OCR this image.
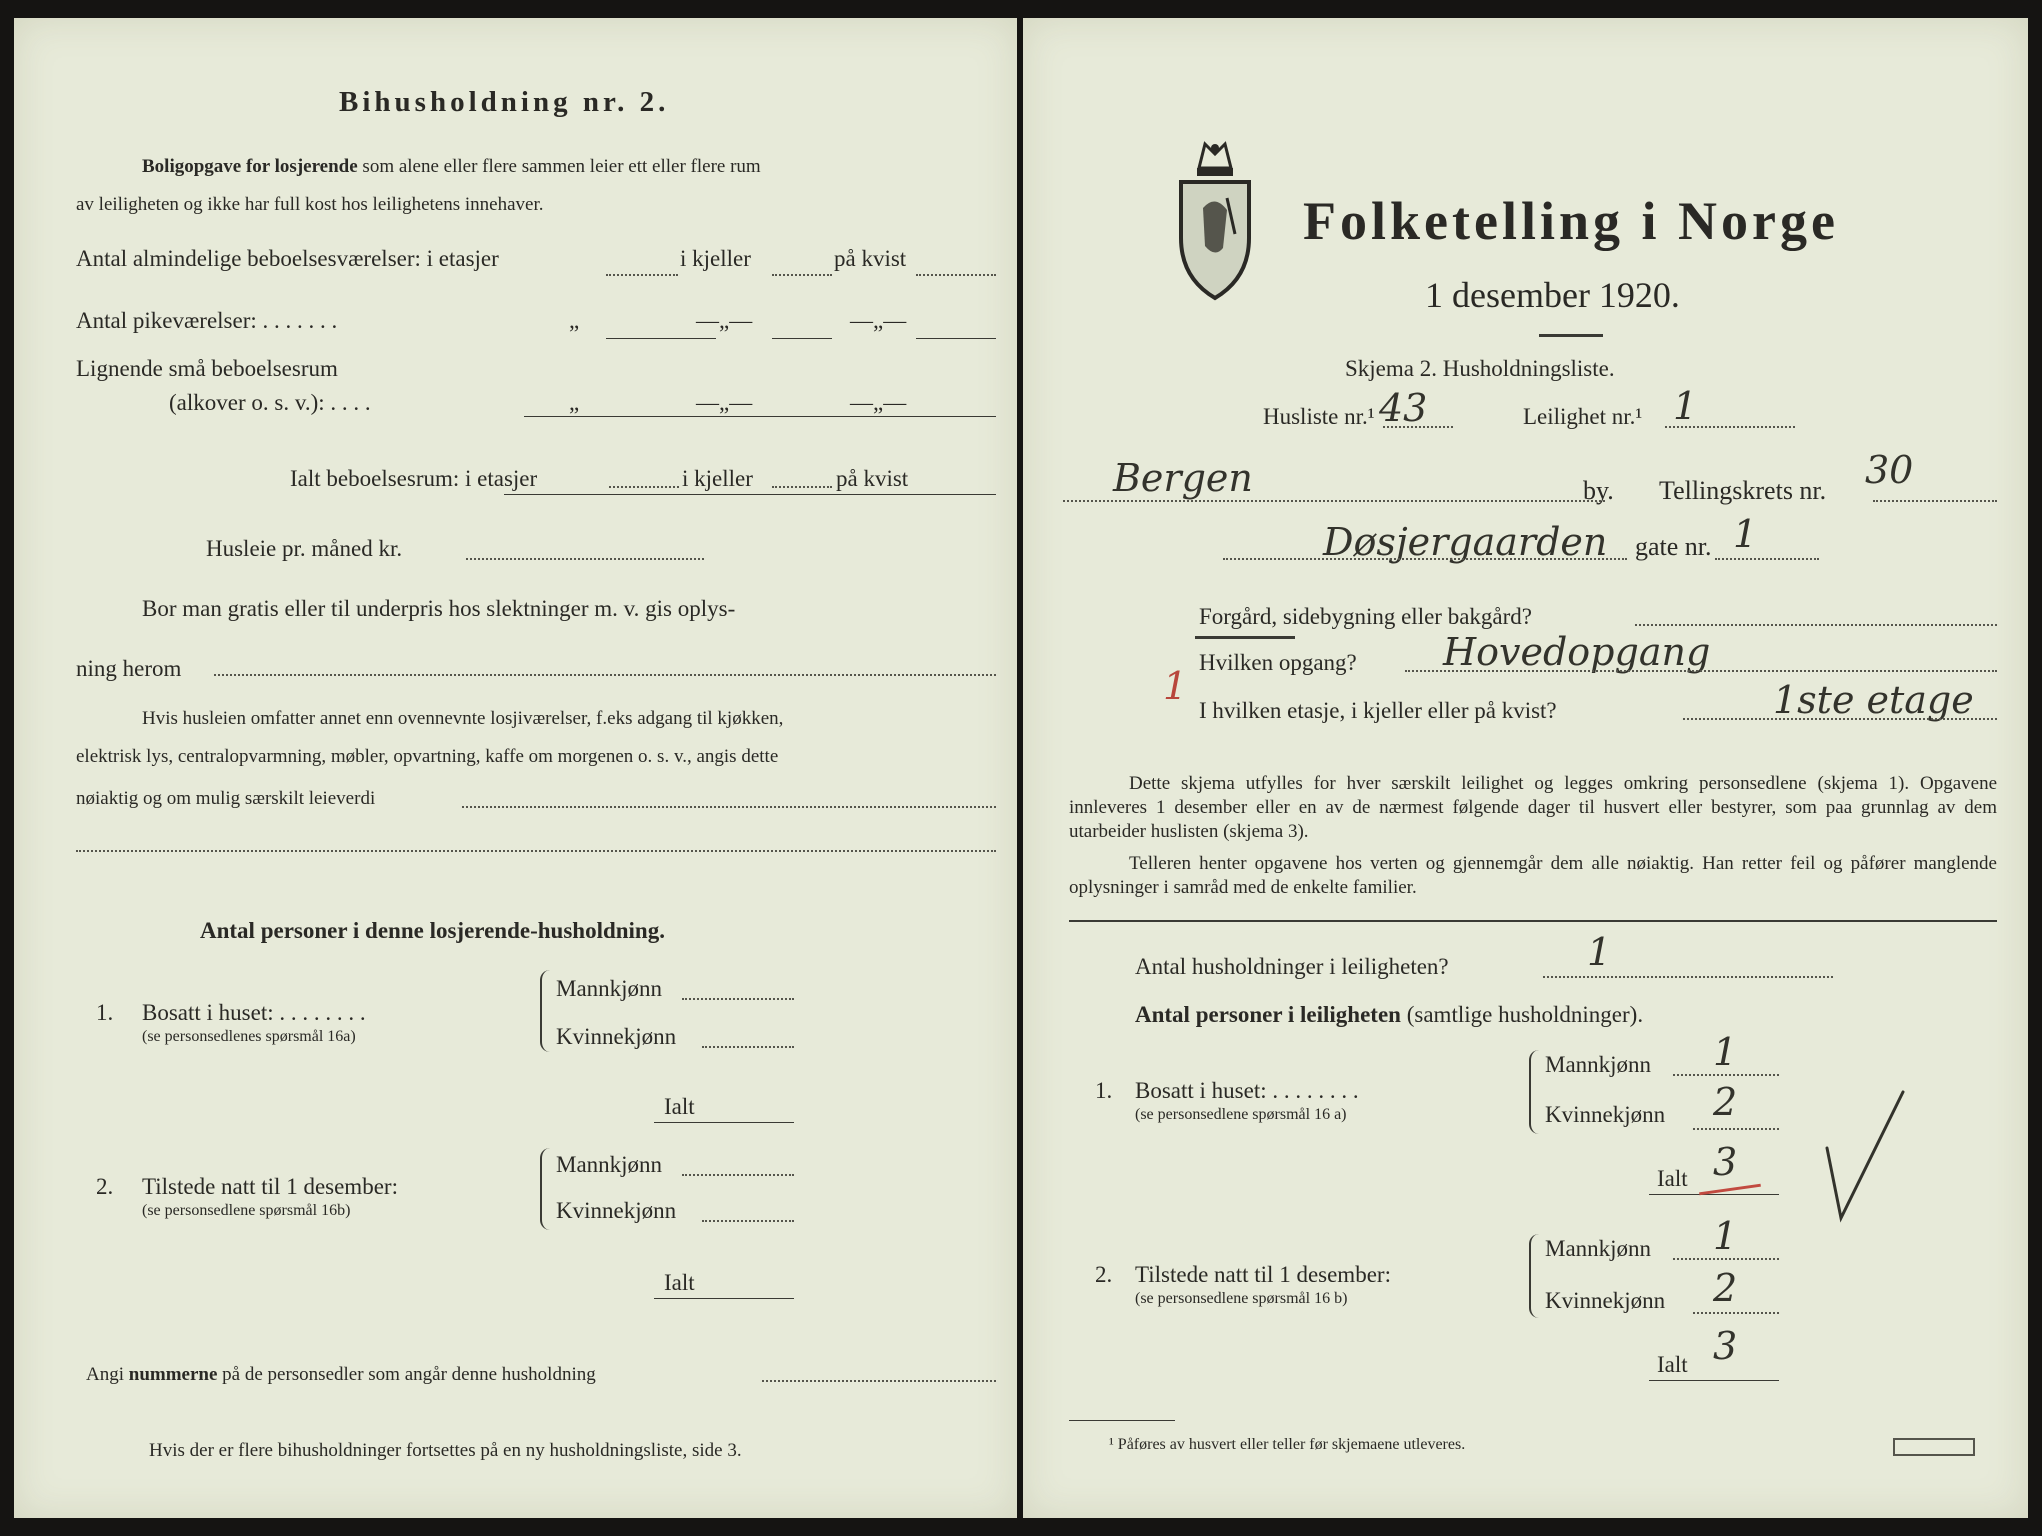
Bihusholdning nr. 2.
Boligopgave for losjerende som alene eller flere sammen leier ett eller flere rum
av leiligheten og ikke har full kost hos leilighetens innehaver.
Antal almindelige beboelsesværelser: i etasjer	i kjeller	på kvist
Antal pikeværelser: . . . . . . .	„	—„—	—„—
Lignende små beboelsesrum
(alkover o. s. v.): . . . .	„	—„—	—„—
Ialt beboelsesrum: i etasjer	i kjeller	på kvist
Husleie pr. måned kr.
Bor man gratis eller til underpris hos slektninger m. v. gis oplys-
ning herom
Hvis husleien omfatter annet enn ovennevnte losjiværelser, f.eks adgang til kjøkken,
elektrisk lys, centralopvarmning, møbler, opvartning, kaffe om morgenen o. s. v., angis dette
nøiaktig og om mulig særskilt leieverdi
Antal personer i denne losjerende-husholdning.
1. Bosatt i huset: . . . . . . . .
(se personsedlenes spørsmål 16a)
Mannkjønn
Kvinnekjønn
Ialt
2. Tilstede natt til 1 desember:
(se personsedlene spørsmål 16b)
Mannkjønn
Kvinnekjønn
Ialt
Angi nummerne på de personsedler som angår denne husholdning
Hvis der er flere bihusholdninger fortsettes på en ny husholdningsliste, side 3.
Folketelling i Norge
1 desember 1920.
Skjema 2. Husholdningsliste.
Husliste nr.¹ 43	Leilighet nr.¹ 1
Bergen	by. Tellingskrets nr. 30
Døsjergaarden gate nr. 1
Forgård, sidebygning eller bakgård?
1
Hvilken opgang? Hovedopgang
I hvilken etasje, i kjeller eller på kvist?	1ste etage
Dette skjema utfylles for hver særskilt leilighet og legges omkring personsedlene (skjema 1). Opgavene innleveres 1 desember eller en av de nærmest følgende dager til husvert eller bestyrer, som paa grunnlag av dem utarbeider huslisten (skjema 3).
Telleren henter opgavene hos verten og gjennemgår dem alle nøiaktig. Han retter feil og påfører manglende oplysninger i samråd med de enkelte familier.
Antal husholdninger i leiligheten?	1
Antal personer i leiligheten (samtlige husholdninger).
1. Bosatt i huset: . . . . . . . .
(se personsedlene spørsmål 16 a)
Mannkjønn 1
Kvinnekjønn 2
Ialt 3
2. Tilstede natt til 1 desember:
(se personsedlene spørsmål 16 b)
Mannkjønn 1
Kvinnekjønn 2
Ialt 3
¹ Påføres av husvert eller teller før skjemaene utleveres.
